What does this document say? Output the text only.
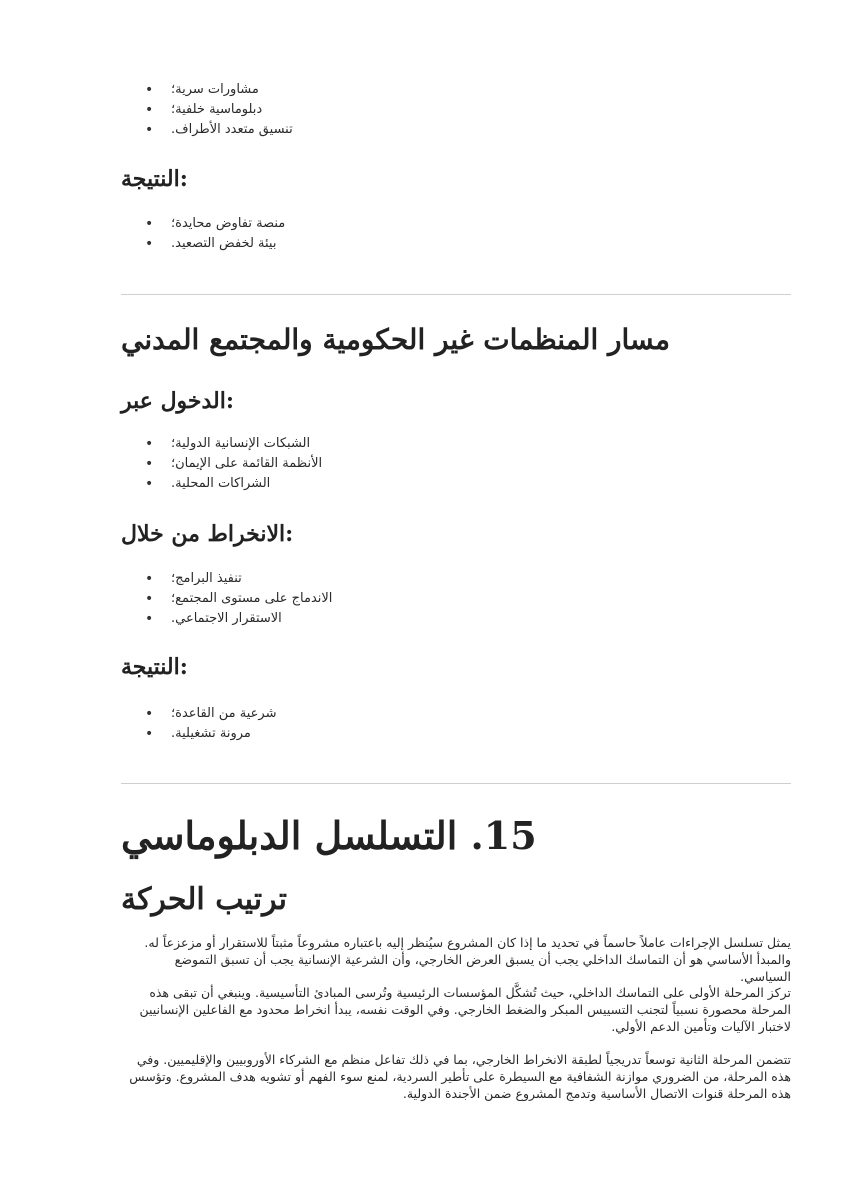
• مشاورات سرية؛
• دبلوماسية خلفية؛
• تنسيق متعدد الأطراف.
النتيجة:
• منصة تفاوض محايدة؛
• بيئة لخفض التصعيد.
مسار المنظمات غير الحكومية والمجتمع المدني
الدخول عبر:
• الشبكات الإنسانية الدولية؛
• الأنظمة القائمة على الإيمان؛
• الشراكات المحلية.
الانخراط من خلال:
• تنفيذ البرامج؛
• الاندماج على مستوى المجتمع؛
• الاستقرار الاجتماعي.
النتيجة:
• شرعية من القاعدة؛
• مرونة تشغيلية.
15. التسلسل الدبلوماسي
ترتيب الحركة

يمثل تسلسل الإجراءات عاملاً حاسماً في تحديد ما إذا كان المشروع سيُنظر إليه باعتباره مشروعاً مثبتاً للاستقرار أو مزعزعاً له. والمبدأ الأساسي هو أن التماسك الداخلي يجب أن يسبق العرض الخارجي، وأن الشرعية الإنسانية يجب أن تسبق التموضع السياسي.

تركز المرحلة الأولى على التماسك الداخلي، حيث تُشكَّل المؤسسات الرئيسية وتُرسى المبادئ التأسيسية. وينبغي أن تبقى هذه المرحلة محصورة نسبياً لتجنب التسييس المبكر والضغط الخارجي. وفي الوقت نفسه، يبدأ انخراط محدود مع الفاعلين الإنسانيين لاختبار الآليات وتأمين الدعم الأولي.

تتضمن المرحلة الثانية توسعاً تدريجياً لطبقة الانخراط الخارجي، بما في ذلك تفاعل منظم مع الشركاء الأوروبيين والإقليميين. وفي هذه المرحلة، من الضروري موازنة الشفافية مع السيطرة على تأطير السردية، لمنع سوء الفهم أو تشويه هدف المشروع. وتؤسس هذه المرحلة قنوات الاتصال الأساسية وتدمج المشروع ضمن الأجندة الدولية.
